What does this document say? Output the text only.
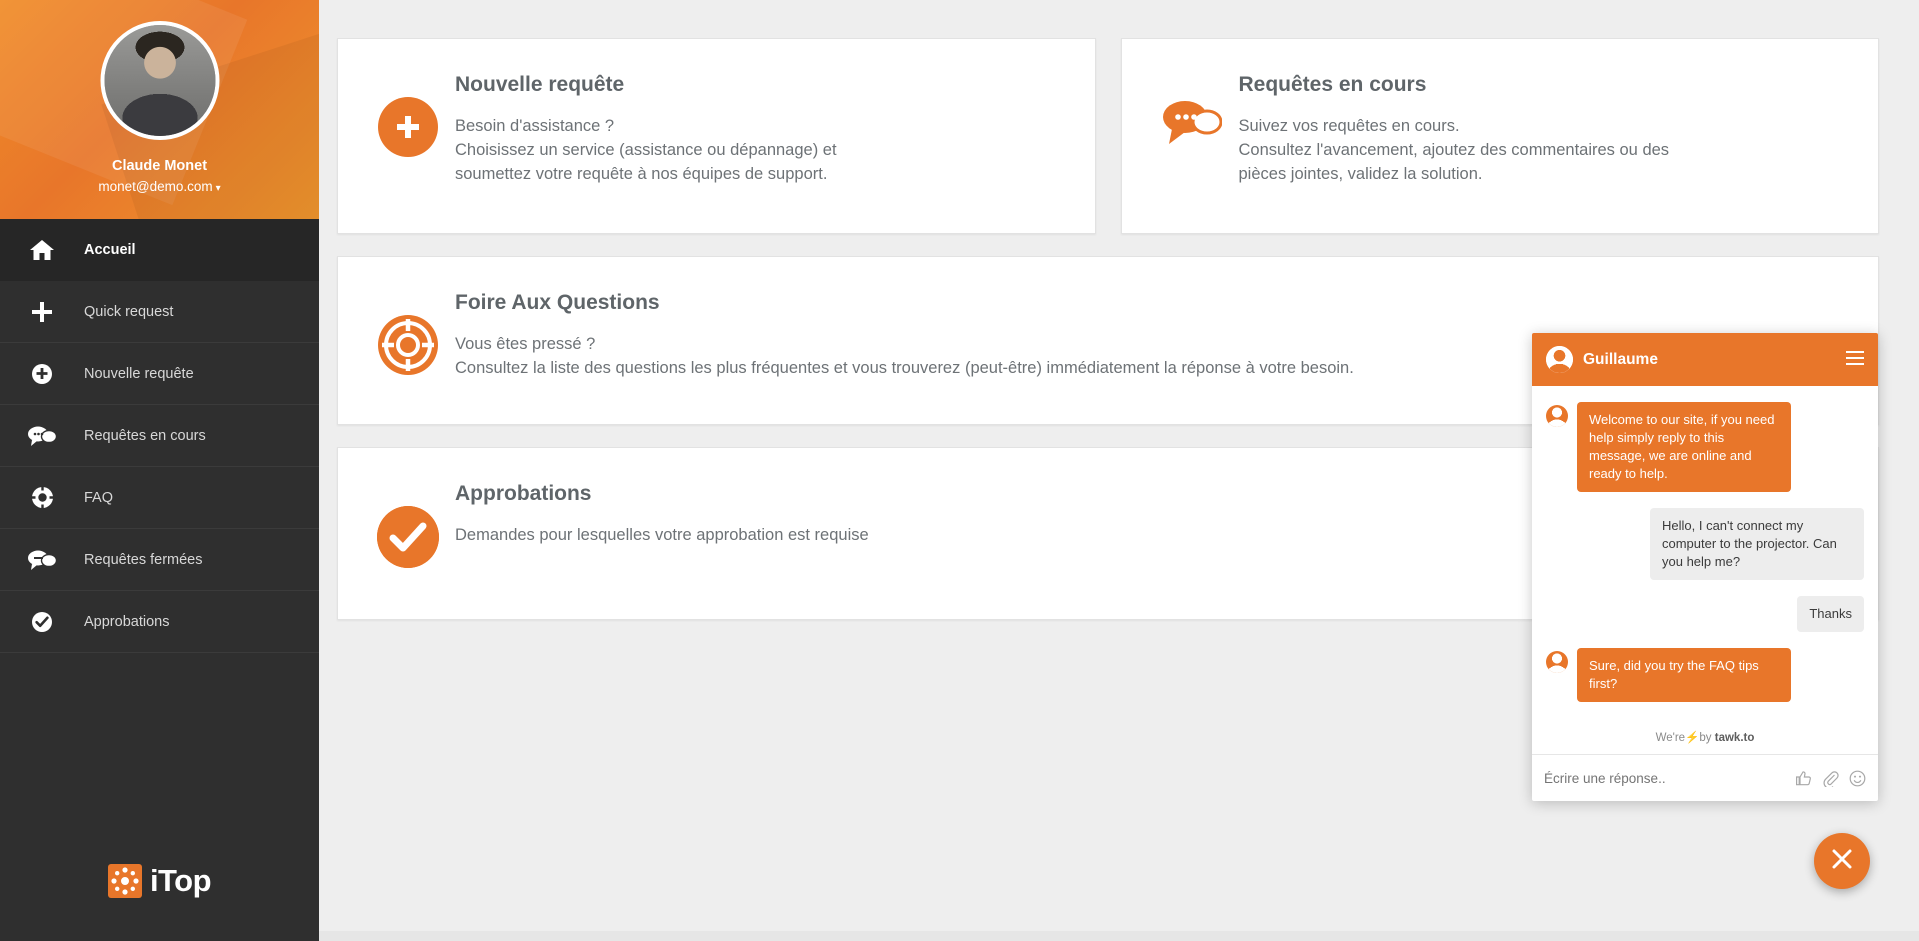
Claude Monet
monet@demo.com ▾
Accueil
Quick request
Nouvelle requête
Requêtes en cours
FAQ
Requêtes fermées
Approbations
iTop
Nouvelle requête
Besoin d'assistance ?
Choisissez un service (assistance ou dépannage) et soumettez votre requête à nos équipes de support.
Requêtes en cours
Suivez vos requêtes en cours.
Consultez l'avancement, ajoutez des commentaires ou des pièces jointes, validez la solution.
Foire Aux Questions
Vous êtes pressé ?
Consultez la liste des questions les plus fréquentes et vous trouverez (peut-être) immédiatement la réponse à votre besoin.
Approbations
Demandes pour lesquelles votre approbation est requise
Guillaume
Welcome to our site, if you need help simply reply to this message, we are online and ready to help.
Hello, I can't connect my computer to the projector. Can you help me?
Thanks
Sure, did you try the FAQ tips first?
We're⚡by tawk.to
Écrire une réponse..
